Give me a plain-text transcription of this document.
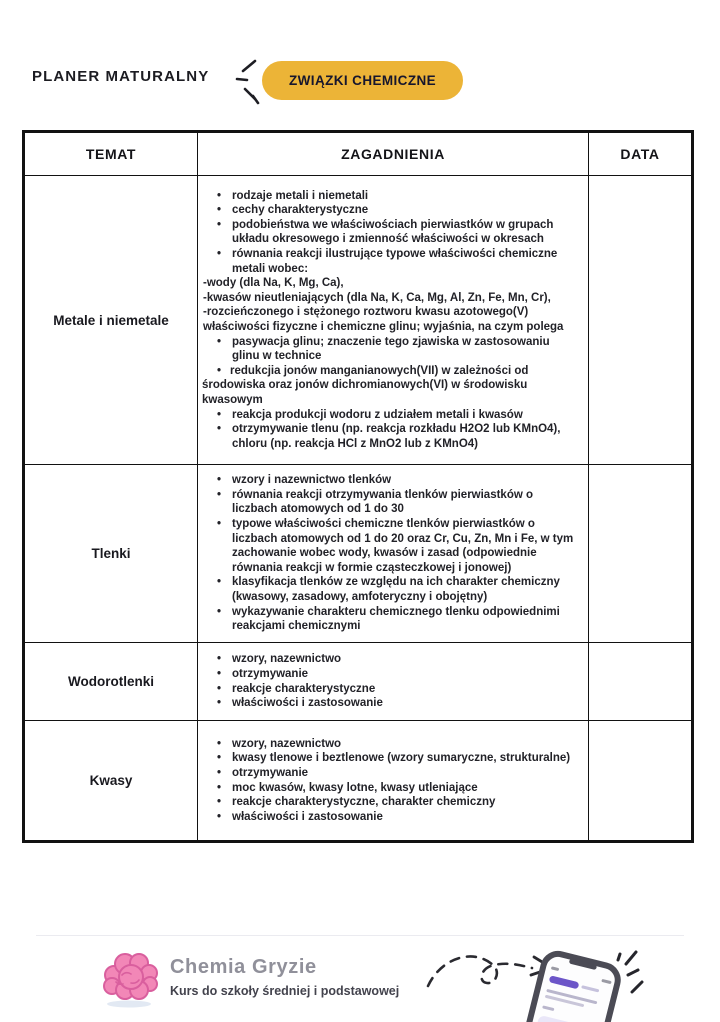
PLANER MATURALNY	ZWIĄZKI CHEMICZNE
TEMAT	ZAGADNIENIA	DATA
Metale i niemetale	
• rodzaje metali i niemetali
• cechy charakterystyczne
• podobieństwa we właściwościach pierwiastków w grupach układu okresowego i zmienność właściwości w okresach
• równania reakcji ilustrujące typowe właściwości chemiczne metali wobec:
-wody (dla Na, K, Mg, Ca),
-kwasów nieutleniających (dla Na, K, Ca, Mg, Al, Zn, Fe, Mn, Cr),
-rozcieńczonego i stężonego roztworu kwasu azotowego(V)
właściwości fizyczne i chemiczne glinu; wyjaśnia, na czym polega
• pasywacja glinu; znaczenie tego zjawiska w zastosowaniu glinu w technice
• redukcjia jonów manganianowych(VII) w zależności od środowiska oraz jonów dichromianowych(VI) w środowisku kwasowym
• reakcja produkcji wodoru z udziałem metali i kwasów
• otrzymywanie tlenu (np. reakcja rozkładu H2O2 lub KMnO4), chloru (np. reakcja HCl z MnO2 lub z KMnO4)

Tlenki	
• wzory i nazewnictwo tlenków
• równania reakcji otrzymywania tlenków pierwiastków o liczbach atomowych od 1 do 30
• typowe właściwości chemiczne tlenków pierwiastków o liczbach atomowych od 1 do 20 oraz Cr, Cu, Zn, Mn i Fe, w tym zachowanie wobec wody, kwasów i zasad (odpowiednie równania reakcji w formie cząsteczkowej i jonowej)
• klasyfikacja tlenków ze względu na ich charakter chemiczny (kwasowy, zasadowy, amfoteryczny i obojętny)
• wykazywanie charakteru chemicznego tlenku odpowiednimi reakcjami chemicznymi

Wodorotlenki	
• wzory, nazewnictwo
• otrzymywanie
• reakcje charakterystyczne
• właściwości i zastosowanie

Kwasy	
• wzory, nazewnictwo
• kwasy tlenowe i beztlenowe (wzory sumaryczne, strukturalne)
• otrzymywanie
• moc kwasów, kwasy lotne, kwasy utleniające
• reakcje charakterystyczne, charakter chemiczny
• właściwości i zastosowanie

Chemia Gryzie
Kurs do szkoły średniej i podstawowej
